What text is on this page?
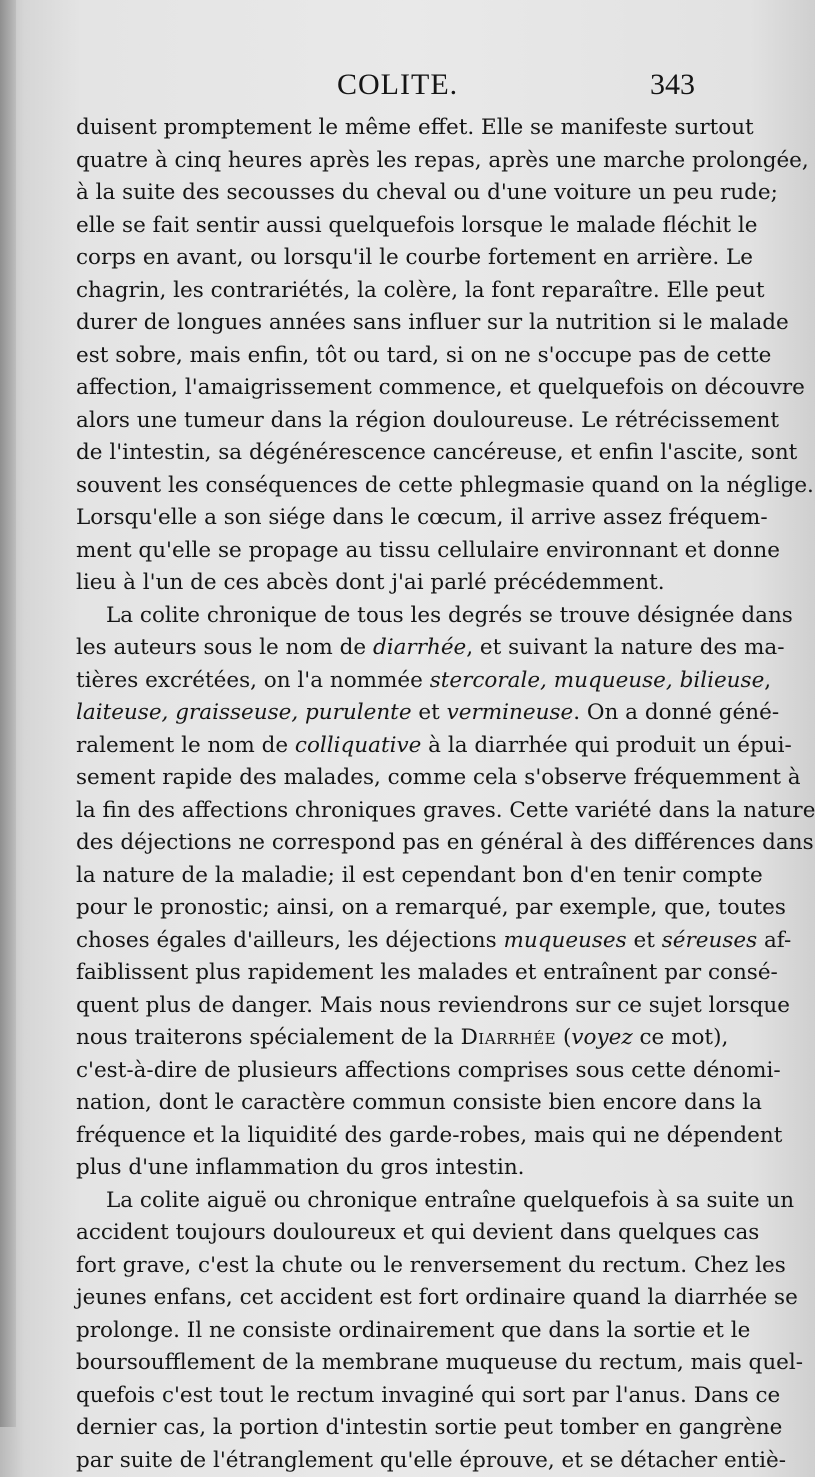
COLITE.	343
duisent promptement le même effet. Elle se manifeste surtout
quatre à cinq heures après les repas, après une marche prolongée,
à la suite des secousses du cheval ou d'une voiture un peu rude;
elle se fait sentir aussi quelquefois lorsque le malade fléchit le
corps en avant, ou lorsqu'il le courbe fortement en arrière. Le
chagrin, les contrariétés, la colère, la font reparaître. Elle peut
durer de longues années sans influer sur la nutrition si le malade
est sobre, mais enfin, tôt ou tard, si on ne s'occupe pas de cette
affection, l'amaigrissement commence, et quelquefois on découvre
alors une tumeur dans la région douloureuse. Le rétrécissement
de l'intestin, sa dégénérescence cancéreuse, et enfin l'ascite, sont
souvent les conséquences de cette phlegmasie quand on la néglige.
Lorsqu'elle a son siége dans le cœcum, il arrive assez fréquem-
ment qu'elle se propage au tissu cellulaire environnant et donne
lieu à l'un de ces abcès dont j'ai parlé précédemment.
La colite chronique de tous les degrés se trouve désignée dans
les auteurs sous le nom de diarrhée, et suivant la nature des ma-
tières excrétées, on l'a nommée stercorale, muqueuse, bilieuse,
laiteuse, graisseuse, purulente et vermineuse. On a donné géné-
ralement le nom de colliquative à la diarrhée qui produit un épui-
sement rapide des malades, comme cela s'observe fréquemment à
la fin des affections chroniques graves. Cette variété dans la nature
des déjections ne correspond pas en général à des différences dans
la nature de la maladie; il est cependant bon d'en tenir compte
pour le pronostic; ainsi, on a remarqué, par exemple, que, toutes
choses égales d'ailleurs, les déjections muqueuses et séreuses af-
faiblissent plus rapidement les malades et entraînent par consé-
quent plus de danger. Mais nous reviendrons sur ce sujet lorsque
nous traiterons spécialement de la Diarrhée (voyez ce mot),
c'est-à-dire de plusieurs affections comprises sous cette dénomi-
nation, dont le caractère commun consiste bien encore dans la
fréquence et la liquidité des garde-robes, mais qui ne dépendent
plus d'une inflammation du gros intestin.
La colite aiguë ou chronique entraîne quelquefois à sa suite un
accident toujours douloureux et qui devient dans quelques cas
fort grave, c'est la chute ou le renversement du rectum. Chez les
jeunes enfans, cet accident est fort ordinaire quand la diarrhée se
prolonge. Il ne consiste ordinairement que dans la sortie et le
boursoufflement de la membrane muqueuse du rectum, mais quel-
quefois c'est tout le rectum invaginé qui sort par l'anus. Dans ce
dernier cas, la portion d'intestin sortie peut tomber en gangrène
par suite de l'étranglement qu'elle éprouve, et se détacher entiè-
